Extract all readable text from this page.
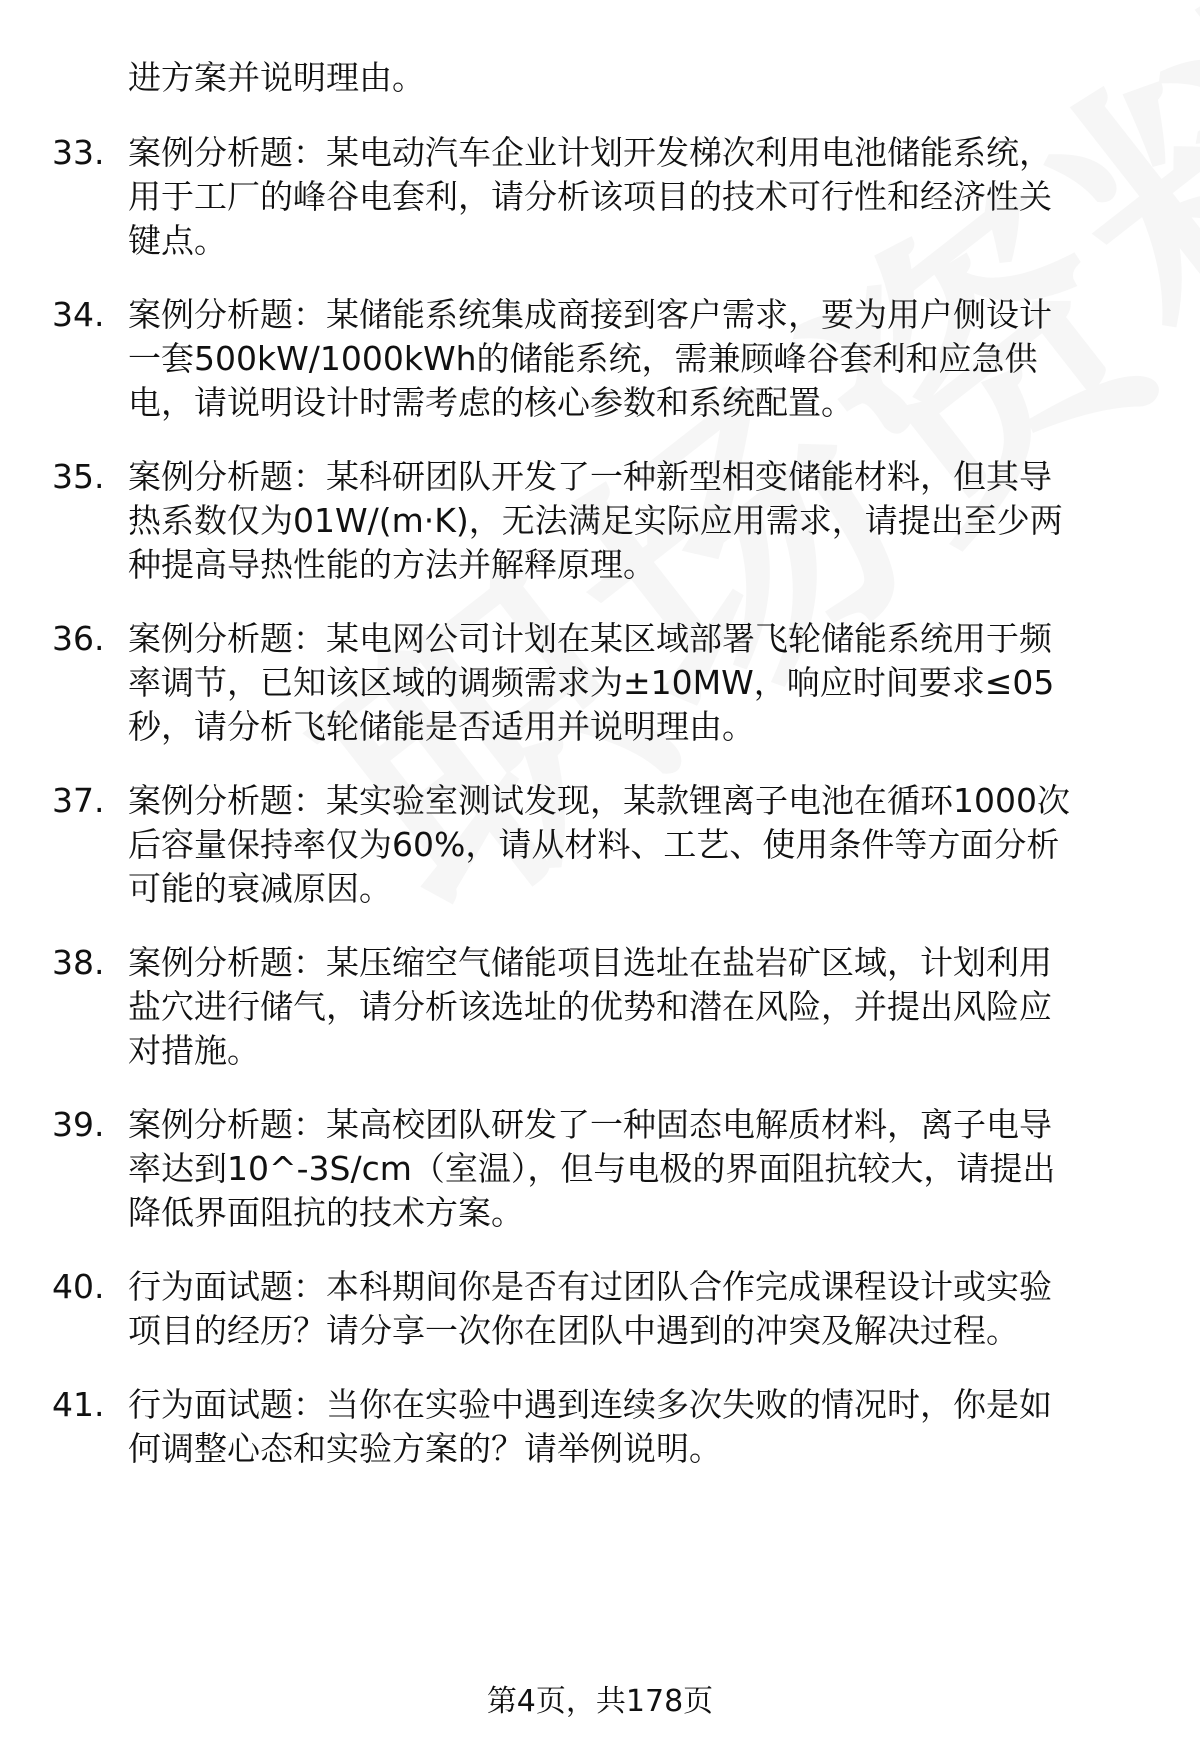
进方案并说明理由。
33. 案例分析题：某电动汽车企业计划开发梯次利用电池储能系统，
用于工厂的峰谷电套利，请分析该项目的技术可行性和经济性关
键点。
34. 案例分析题：某储能系统集成商接到客户需求，要为用户侧设计
一套500kW/1000kWh的储能系统，需兼顾峰谷套利和应急供
电，请说明设计时需考虑的核心参数和系统配置。
35. 案例分析题：某科研团队开发了一种新型相变储能材料，但其导
热系数仅为01W/(m·K)，无法满足实际应用需求，请提出至少两
种提高导热性能的方法并解释原理。
36. 案例分析题：某电网公司计划在某区域部署飞轮储能系统用于频
率调节，已知该区域的调频需求为±10MW，响应时间要求≤05
秒，请分析飞轮储能是否适用并说明理由。
37. 案例分析题：某实验室测试发现，某款锂离子电池在循环1000次
后容量保持率仅为60%，请从材料、工艺、使用条件等方面分析
可能的衰减原因。
38. 案例分析题：某压缩空气储能项目选址在盐岩矿区域，计划利用
盐穴进行储气，请分析该选址的优势和潜在风险，并提出风险应
对措施。
39. 案例分析题：某高校团队研发了一种固态电解质材料，离子电导
率达到10^-3S/cm（室温），但与电极的界面阻抗较大，请提出
降低界面阻抗的技术方案。
40. 行为面试题：本科期间你是否有过团队合作完成课程设计或实验
项目的经历？请分享一次你在团队中遇到的冲突及解决过程。
41. 行为面试题：当你在实验中遇到连续多次失败的情况时，你是如
何调整心态和实验方案的？请举例说明。
第4页，共178页
